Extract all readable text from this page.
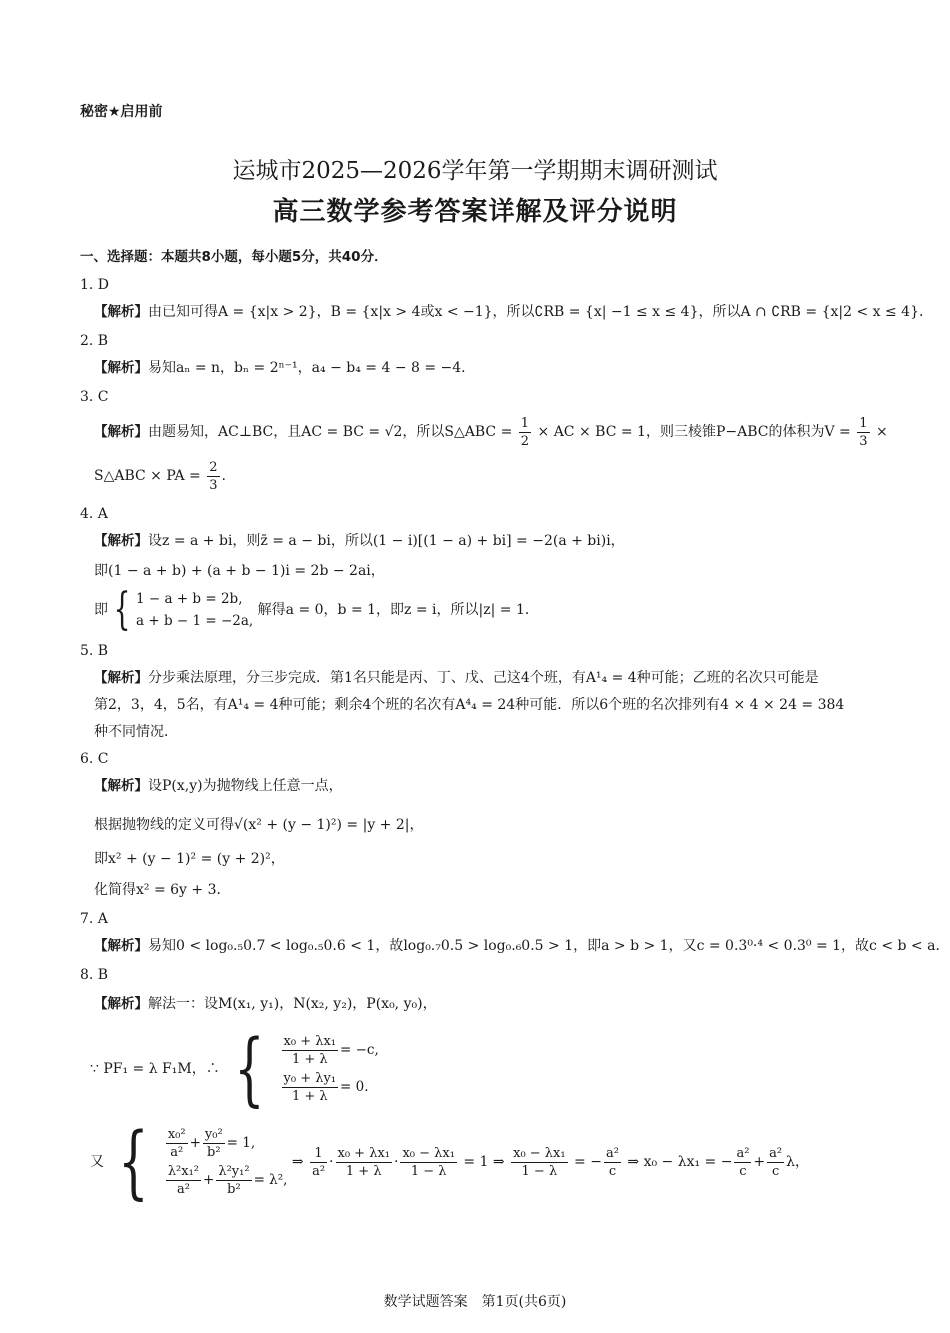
秘密★启用前
运城市2025—2026学年第一学期期末调研测试
高三数学参考答案详解及评分说明
一、选择题：本题共8小题，每小题5分，共40分．
1. D
【解析】由已知可得A = {x|x > 2}，B = {x|x > 4或x < −1}，所以∁RB = {x| −1 ≤ x ≤ 4}，所以A ∩ ∁RB = {x|2 < x ≤ 4}．
2. B
【解析】易知aₙ = n，bₙ = 2ⁿ⁻¹，a₄ − b₄ = 4 − 8 = −4．
3. C
【解析】由题易知，AC⊥BC，且AC = BC = √2，所以S△ABC = $\frac{1}{2}$ × AC × BC = 1，则三棱锥P−ABC的体积为$V = \frac{1}{3}$ ×
S△ABC × PA = $\frac{2}{3}$ .
4. A
【解析】设z = a + bi，则z̄ = a − bi，所以(1 − i)[(1 − a) + bi] = −2(a + bi)i，
即(1 − a + b) + (a + b − 1)i = 2b − 2ai，
即 { 1 − a + b = 2b,
a + b − 1 = −2a,
解得a = 0，b = 1，即z = i，所以|z| = 1．
5. B
【解析】分步乘法原理，分三步完成．第1名只能是丙、丁、戊、己这4个班，有A¹₄ = 4种可能；乙班的名次只可能是
第2，3，4，5名，有A¹₄ = 4种可能；剩余4个班的名次有A⁴₄ = 24种可能．所以6个班的名次排列有4 × 4 × 24 = 384
种不同情况．
6. C
【解析】设P(x,y)为抛物线上任意一点，
根据抛物线的定义可得√(x² + (y − 1)²) = |y + 2|，
即x² + (y − 1)² = (y + 2)²，
化简得x² = 6y + 3．
7. A
【解析】易知0 < log₀.₅0.7 < log₀.₅0.6 < 1，故log₀.₇0.5 > log₀.₆0.5 > 1，即a > b > 1，又c = 0.3⁰·⁴ < 0.3⁰ = 1，故c < b < a．
8. B
【解析】解法一：设M(x₁, y₁)，N(x₂, y₂)，P(x₀, y₀)，
∵ PF₁ = λ F₁M，∴ { $\frac{\text{x₀ + λx₁}}{1 + \lambda} = -c$,
$\frac{\text{y₀ + λy₁}}{1 + \lambda} = 0$.
又 { $\frac{\text{x₀²}}{\text{a²}} + \frac{\text{y₀²}}{\text{b²}} = 1$,
$\frac{\text{λ²x₁²}}{\text{a²}} + \frac{\text{λ²y₁²}}{\text{b²}} = \lambda^2$,
⇒ $\frac{1}{\text{a²}} \cdot \frac{\text{x₀ + λx₁}}{1 + \lambda} \cdot \frac{\text{x₀ − λx₁}}{1 - \lambda} = 1$ ⇒ $\frac{\text{x₀ − λx₁}}{1 - \lambda}$ = − $\frac{\text{a²}}{c}$ ⇒ x₀ − λx₁ = − $\frac{\text{a²}}{c} + \frac{\text{a²}}{c}$ λ，
数学试题答案　第1页(共6页)
